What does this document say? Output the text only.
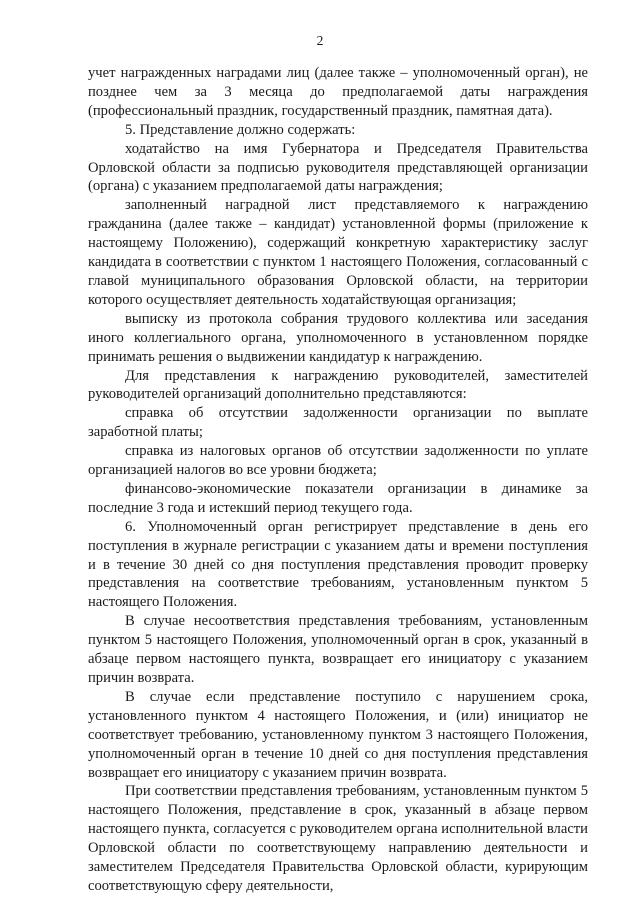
2

учет награжденных наградами лиц (далее также – уполномоченный орган), не позднее чем за 3 месяца до предполагаемой даты награждения (профессиональный праздник, государственный праздник, памятная дата).

5. Представление должно содержать:

ходатайство на имя Губернатора и Председателя Правительства Орловской области за подписью руководителя представляющей организации (органа) с указанием предполагаемой даты награждения;

заполненный наградной лист представляемого к награждению гражданина (далее также – кандидат) установленной формы (приложение к настоящему Положению), содержащий конкретную характеристику заслуг кандидата в соответствии с пунктом 1 настоящего Положения, согласованный с главой муниципального образования Орловской области, на территории которого осуществляет деятельность ходатайствующая организация;

выписку из протокола собрания трудового коллектива или заседания иного коллегиального органа, уполномоченного в установленном порядке принимать решения о выдвижении кандидатур к награждению.

Для представления к награждению руководителей, заместителей руководителей организаций дополнительно представляются:

справка об отсутствии задолженности организации по выплате заработной платы;

справка из налоговых органов об отсутствии задолженности по уплате организацией налогов во все уровни бюджета;

финансово-экономические показатели организации в динамике за последние 3 года и истекший период текущего года.

6. Уполномоченный орган регистрирует представление в день его поступления в журнале регистрации с указанием даты и времени поступления и в течение 30 дней со дня поступления представления проводит проверку представления на соответствие требованиям, установленным пунктом 5 настоящего Положения.

В случае несоответствия представления требованиям, установленным пунктом 5 настоящего Положения, уполномоченный орган в срок, указанный в абзаце первом настоящего пункта, возвращает его инициатору с указанием причин возврата.

В случае если представление поступило с нарушением срока, установленного пунктом 4 настоящего Положения, и (или) инициатор не соответствует требованию, установленному пунктом 3 настоящего Положения, уполномоченный орган в течение 10 дней со дня поступления представления возвращает его инициатору с указанием причин возврата.

При соответствии представления требованиям, установленным пунктом 5 настоящего Положения, представление в срок, указанный в абзаце первом настоящего пункта, согласуется с руководителем органа исполнительной власти Орловской области по соответствующему направлению деятельности и заместителем Председателя Правительства Орловской области, курирующим соответствующую сферу деятельности,
